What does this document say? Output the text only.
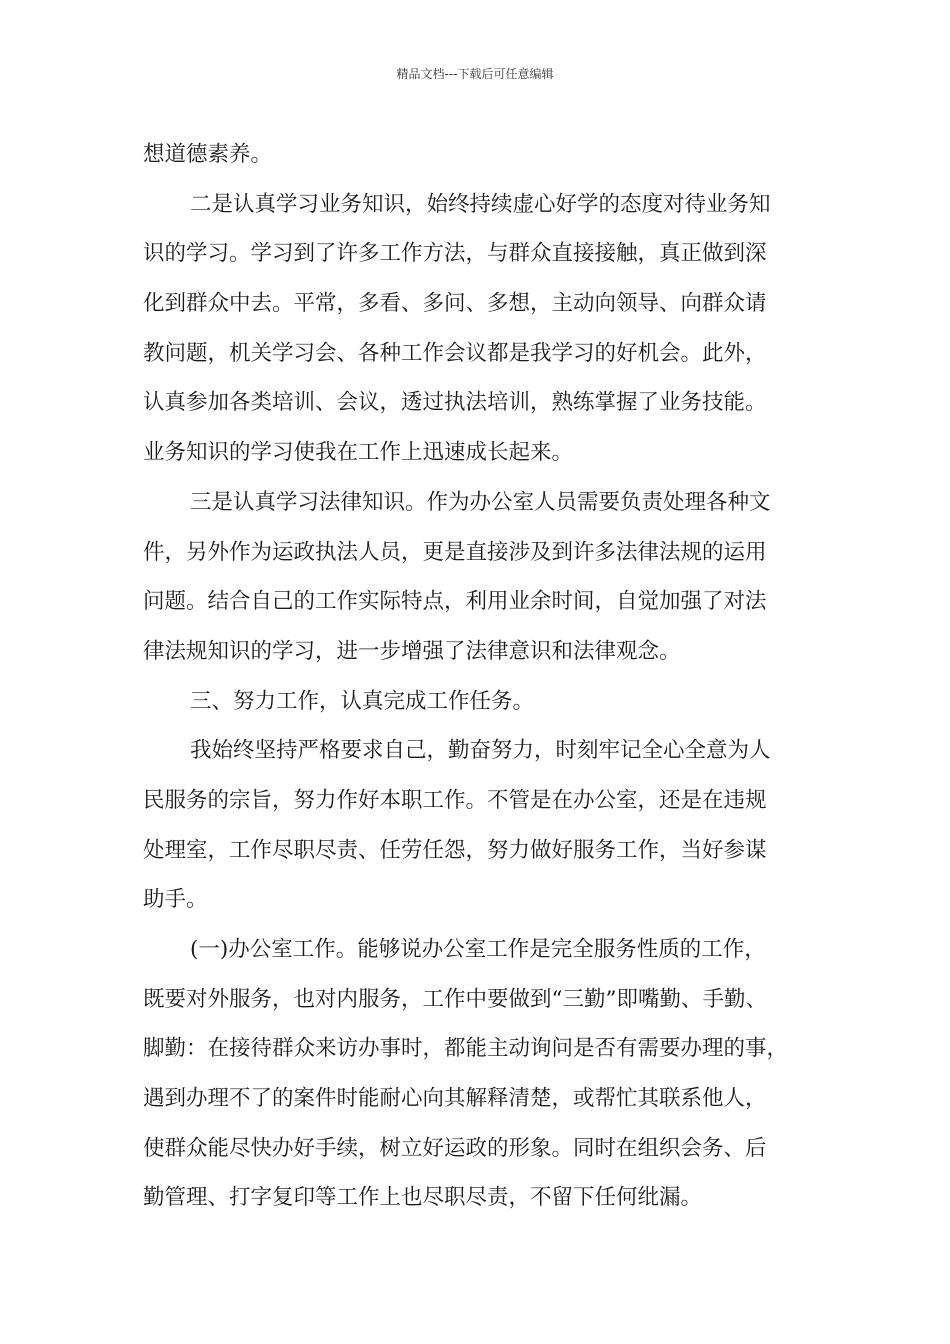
精品文档---下载后可任意编辑
想道德素养。
二是认真学习业务知识，始终持续虚心好学的态度对待业务知
识的学习。学习到了许多工作方法，与群众直接接触，真正做到深
化到群众中去。平常，多看、多问、多想，主动向领导、向群众请
教问题，机关学习会、各种工作会议都是我学习的好机会。此外，
认真参加各类培训、会议，透过执法培训，熟练掌握了业务技能。
业务知识的学习使我在工作上迅速成长起来。
三是认真学习法律知识。作为办公室人员需要负责处理各种文
件，另外作为运政执法人员，更是直接涉及到许多法律法规的运用
问题。结合自己的工作实际特点，利用业余时间，自觉加强了对法
律法规知识的学习，进一步增强了法律意识和法律观念。
三、努力工作，认真完成工作任务。
我始终坚持严格要求自己，勤奋努力，时刻牢记全心全意为人
民服务的宗旨，努力作好本职工作。不管是在办公室，还是在违规
处理室，工作尽职尽责、任劳任怨，努力做好服务工作，当好参谋
助手。
(一)办公室工作。能够说办公室工作是完全服务性质的工作，
既要对外服务，也对内服务，工作中要做到“三勤”即嘴勤、手勤、
脚勤：在接待群众来访办事时，都能主动询问是否有需要办理的事，
遇到办理不了的案件时能耐心向其解释清楚，或帮忙其联系他人，
使群众能尽快办好手续，树立好运政的形象。同时在组织会务、后
勤管理、打字复印等工作上也尽职尽责，不留下任何纰漏。
